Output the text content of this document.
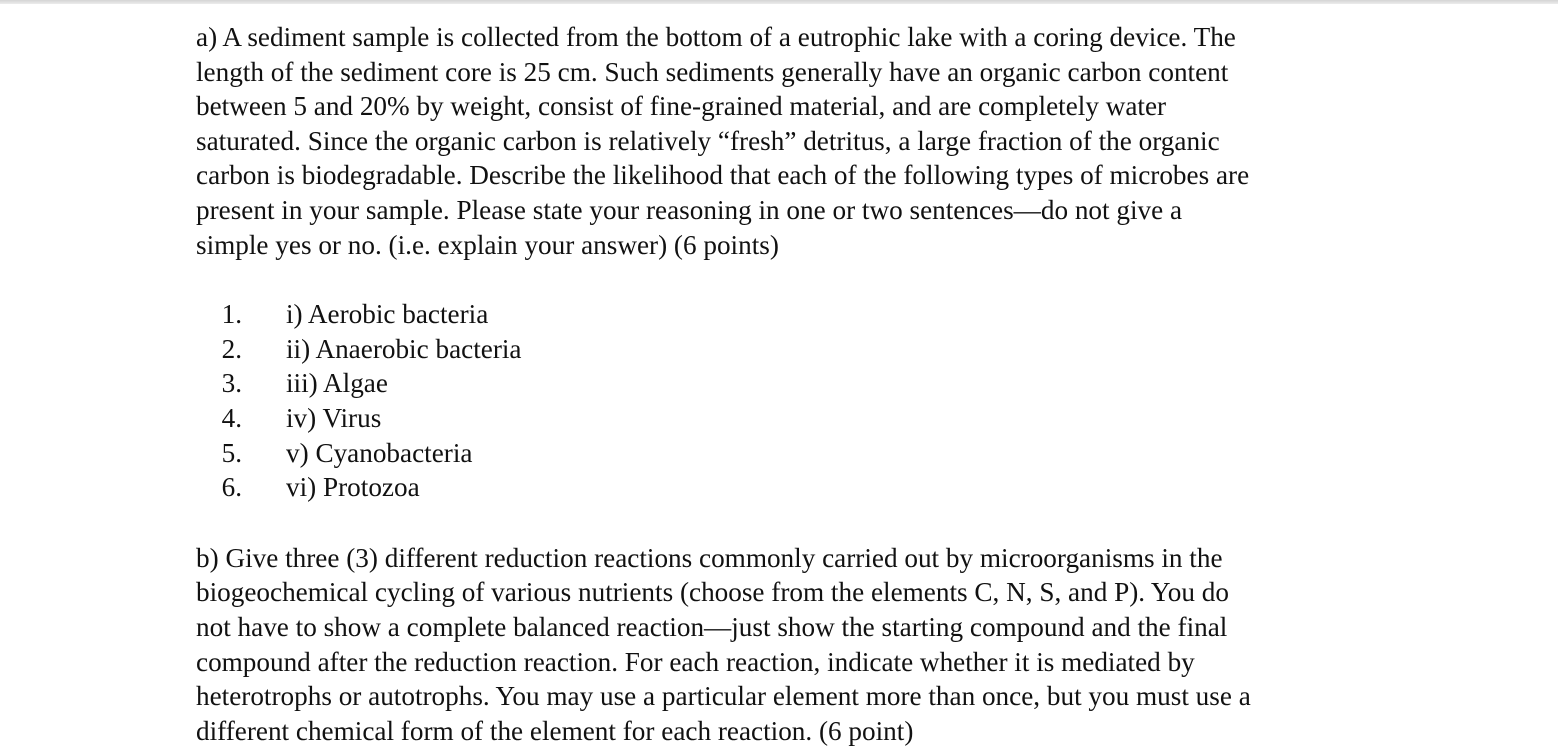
a) A sediment sample is collected from the bottom of a eutrophic lake with a coring device. The
length of the sediment core is 25 cm. Such sediments generally have an organic carbon content
between 5 and 20% by weight, consist of fine-grained material, and are completely water
saturated. Since the organic carbon is relatively “fresh” detritus, a large fraction of the organic
carbon is biodegradable. Describe the likelihood that each of the following types of microbes are
present in your sample. Please state your reasoning in one or two sentences—do not give a
simple yes or no. (i.e. explain your answer) (6 points)

1.	i) Aerobic bacteria
2.	ii) Anaerobic bacteria
3.	iii) Algae
4.	iv) Virus
5.	v) Cyanobacteria
6.	vi) Protozoa

b) Give three (3) different reduction reactions commonly carried out by microorganisms in the
biogeochemical cycling of various nutrients (choose from the elements C, N, S, and P). You do
not have to show a complete balanced reaction—just show the starting compound and the final
compound after the reduction reaction. For each reaction, indicate whether it is mediated by
heterotrophs or autotrophs. You may use a particular element more than once, but you must use a
different chemical form of the element for each reaction. (6 point)
